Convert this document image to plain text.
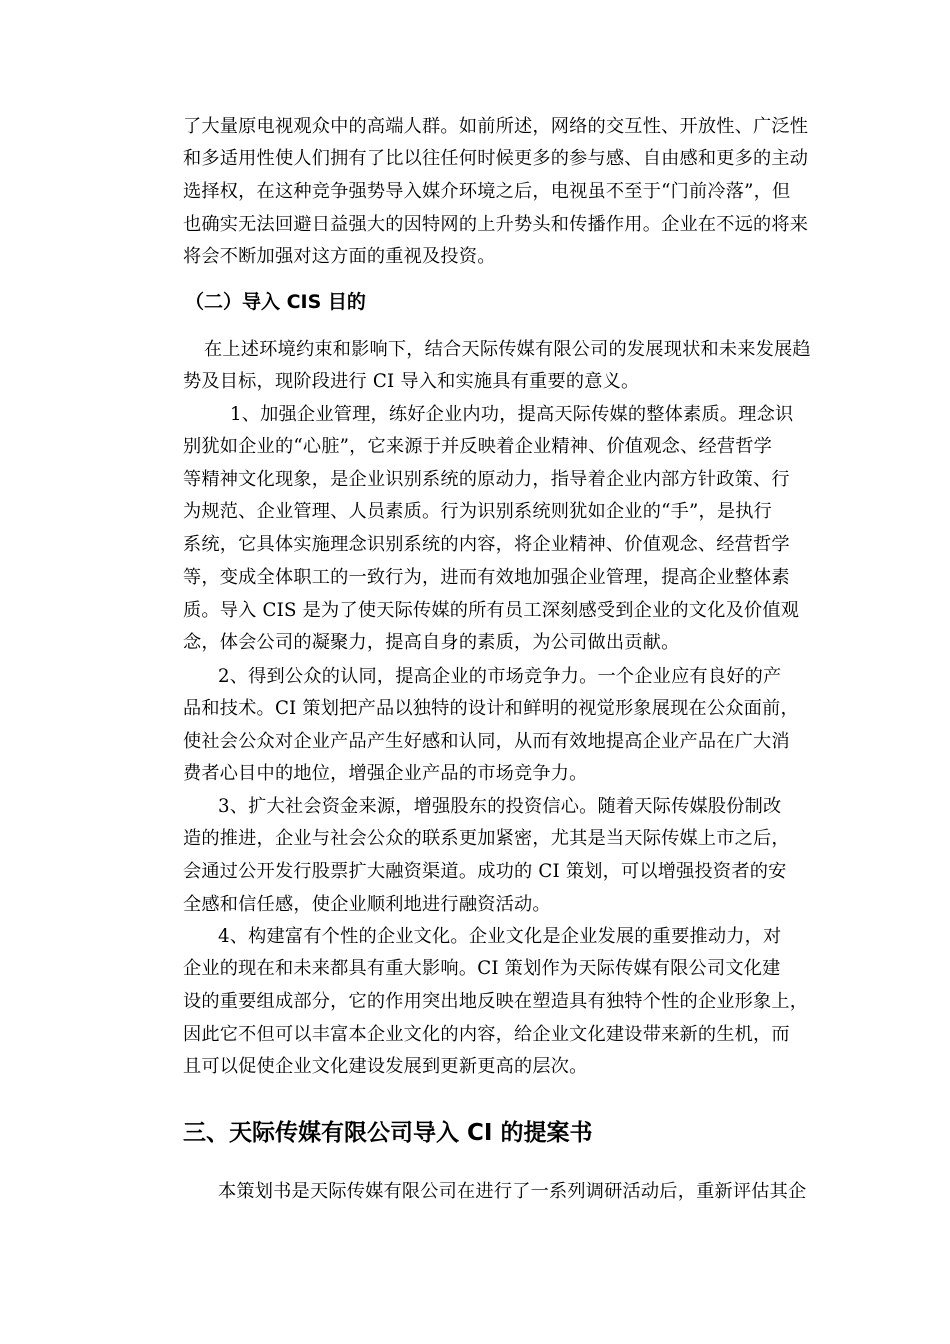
了大量原电视观众中的高端人群。如前所述，网络的交互性、开放性、广泛性
和多适用性使人们拥有了比以往任何时候更多的参与感、自由感和更多的主动
选择权，在这种竞争强势导入媒介环境之后，电视虽不至于“门前冷落”，但
也确实无法回避日益强大的因特网的上升势头和传播作用。企业在不远的将来
将会不断加强对这方面的重视及投资。
（二）导入 CIS 目的
在上述环境约束和影响下，结合天际传媒有限公司的发展现状和未来发展趋
势及目标，现阶段进行 CI 导入和实施具有重要的意义。
1、加强企业管理，练好企业内功，提高天际传媒的整体素质。理念识
别犹如企业的“心脏”，它来源于并反映着企业精神、价值观念、经营哲学
等精神文化现象，是企业识别系统的原动力，指导着企业内部方针政策、行
为规范、企业管理、人员素质。行为识别系统则犹如企业的“手”，是执行
系统，它具体实施理念识别系统的内容，将企业精神、价值观念、经营哲学
等，变成全体职工的一致行为，进而有效地加强企业管理，提高企业整体素
质。导入 CIS 是为了使天际传媒的所有员工深刻感受到企业的文化及价值观
念，体会公司的凝聚力，提高自身的素质，为公司做出贡献。
2、得到公众的认同，提高企业的市场竞争力。一个企业应有良好的产
品和技术。CI 策划把产品以独特的设计和鲜明的视觉形象展现在公众面前，
使社会公众对企业产品产生好感和认同，从而有效地提高企业产品在广大消
费者心目中的地位，增强企业产品的市场竞争力。
3、扩大社会资金来源，增强股东的投资信心。随着天际传媒股份制改
造的推进，企业与社会公众的联系更加紧密，尤其是当天际传媒上市之后，
会通过公开发行股票扩大融资渠道。成功的 CI 策划，可以增强投资者的安
全感和信任感，使企业顺利地进行融资活动。
4、构建富有个性的企业文化。企业文化是企业发展的重要推动力，对
企业的现在和未来都具有重大影响。CI 策划作为天际传媒有限公司文化建
设的重要组成部分，它的作用突出地反映在塑造具有独特个性的企业形象上，
因此它不但可以丰富本企业文化的内容，给企业文化建设带来新的生机，而
且可以促使企业文化建设发展到更新更高的层次。
三、天际传媒有限公司导入 CI 的提案书
本策划书是天际传媒有限公司在进行了一系列调研活动后，重新评估其企
